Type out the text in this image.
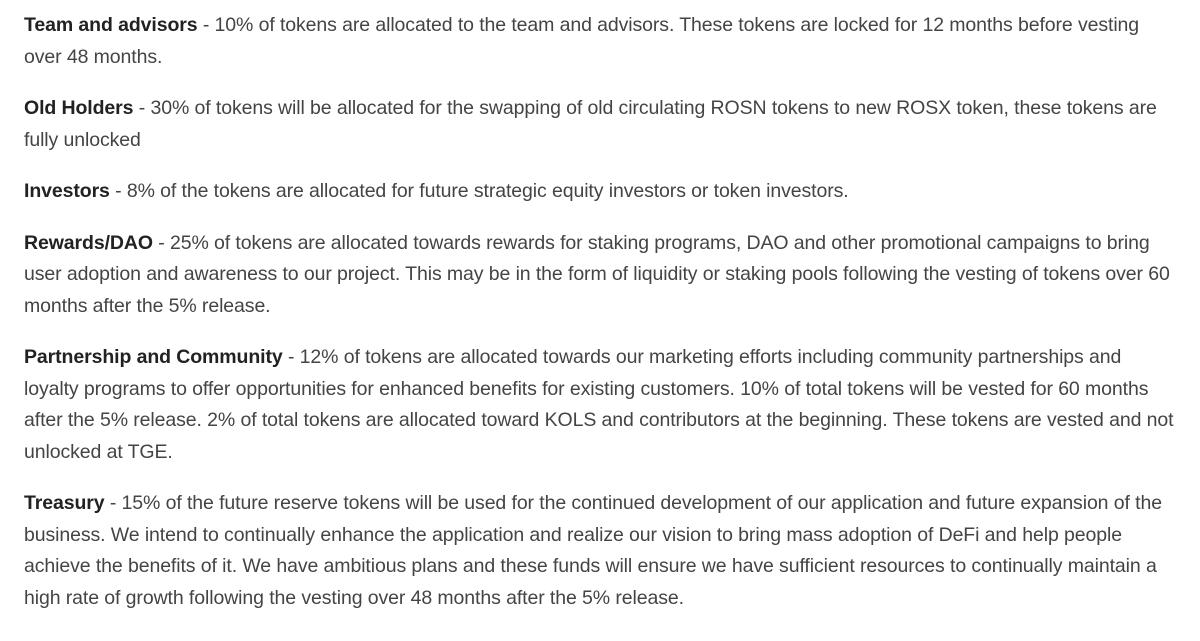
Team and advisors - 10% of tokens are allocated to the team and advisors. These tokens are locked for 12 months before vesting over 48 months.

Old Holders - 30% of tokens will be allocated for the swapping of old circulating ROSN tokens to new ROSX token, these tokens are fully unlocked

Investors - 8% of the tokens are allocated for future strategic equity investors or token investors.

Rewards/DAO - 25% of tokens are allocated towards rewards for staking programs, DAO and other promotional campaigns to bring user adoption and awareness to our project. This may be in the form of liquidity or staking pools following the vesting of tokens over 60 months after the 5% release.

Partnership and Community - 12% of tokens are allocated towards our marketing efforts including community partnerships and loyalty programs to offer opportunities for enhanced benefits for existing customers. 10% of total tokens will be vested for 60 months after the 5% release. 2% of total tokens are allocated toward KOLS and contributors at the beginning. These tokens are vested and not unlocked at TGE.

Treasury - 15% of the future reserve tokens will be used for the continued development of our application and future expansion of the business. We intend to continually enhance the application and realize our vision to bring mass adoption of DeFi and help people achieve the benefits of it. We have ambitious plans and these funds will ensure we have sufficient resources to continually maintain a high rate of growth following the vesting over 48 months after the 5% release.
